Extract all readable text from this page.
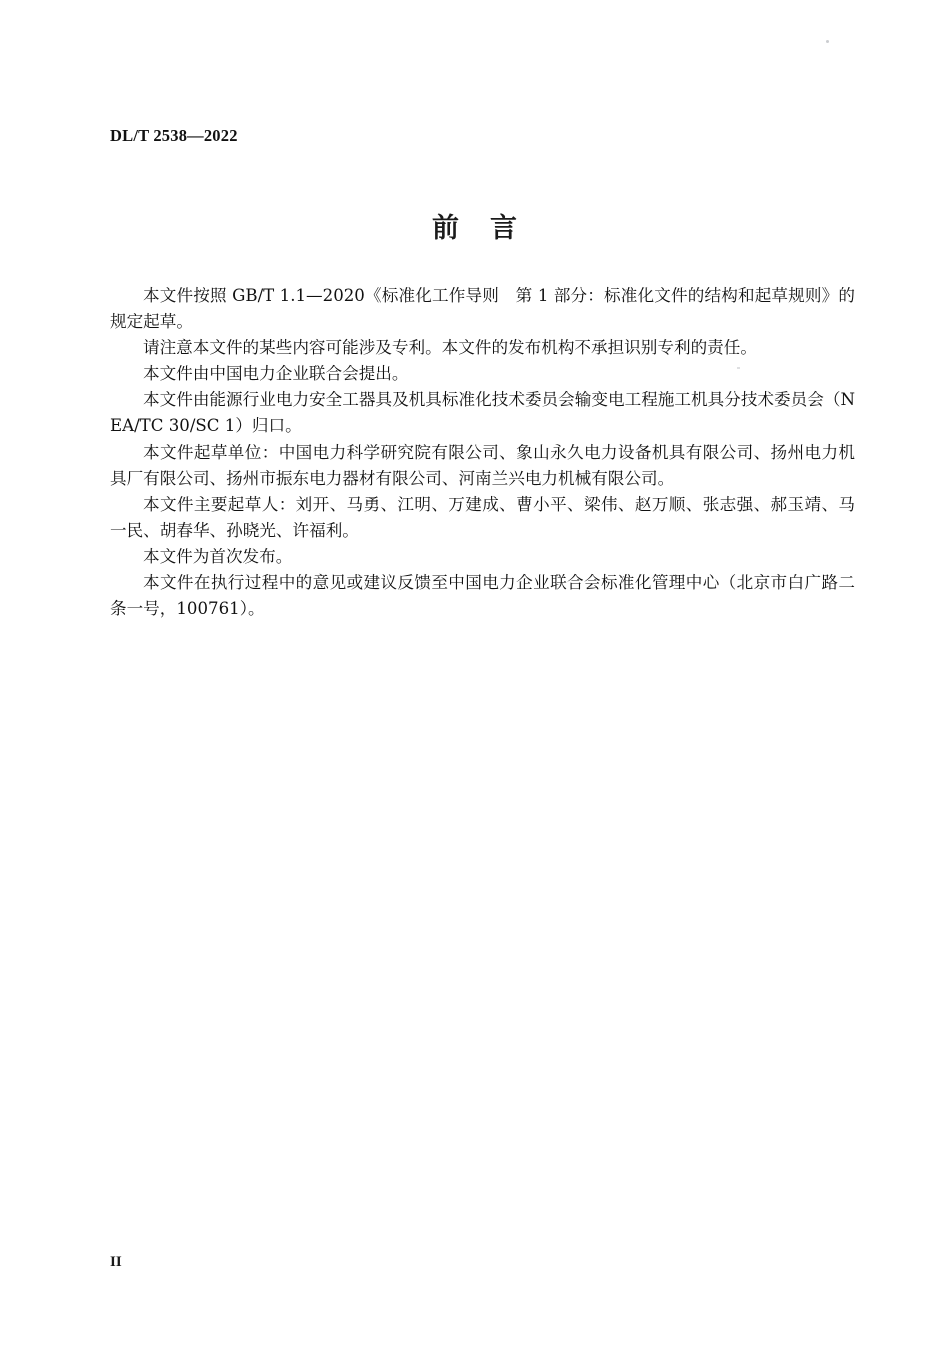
DL/T 2538—2022
前 言

本文件按照 GB/T 1.1—2020《标准化工作导则　第 1 部分：标准化文件的结构和起草规则》的规定起草。

请注意本文件的某些内容可能涉及专利。本文件的发布机构不承担识别专利的责任。

本文件由中国电力企业联合会提出。

本文件由能源行业电力安全工器具及机具标准化技术委员会输变电工程施工机具分技术委员会（NEA/TC 30/SC 1）归口。

本文件起草单位：中国电力科学研究院有限公司、象山永久电力设备机具有限公司、扬州电力机具厂有限公司、扬州市振东电力器材有限公司、河南兰兴电力机械有限公司。

本文件主要起草人：刘开、马勇、江明、万建成、曹小平、梁伟、赵万顺、张志强、郝玉靖、马一民、胡春华、孙晓光、许福利。

本文件为首次发布。

本文件在执行过程中的意见或建议反馈至中国电力企业联合会标准化管理中心（北京市白广路二条一号，100761）。

II
